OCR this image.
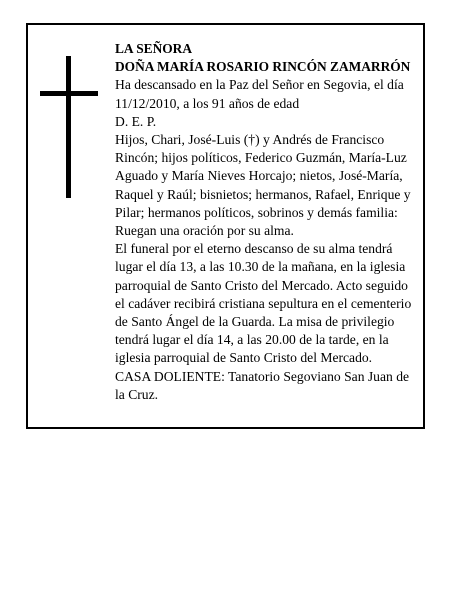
LA SEÑORA

DOÑA MARÍA ROSARIO RINCÓN ZAMARRÓN

Ha descansado en la Paz del Señor en Segovia, el día 11/12/2010, a los 91 años de edad

D. E. P.

Hijos, Chari, José-Luis (†) y Andrés de Francisco Rincón; hijos políticos, Federico Guzmán, María-Luz Aguado y María Nieves Horcajo; nietos, José-María, Raquel y Raúl; bisnietos; hermanos, Rafael, Enrique y Pilar; hermanos políticos, sobrinos y demás familia:

Ruegan una oración por su alma.

El funeral por el eterno descanso de su alma tendrá lugar el día 13, a las 10.30 de la mañana, en la iglesia parroquial de Santo Cristo del Mercado. Acto seguido el cadáver recibirá cristiana sepultura en el cementerio de Santo Ángel de la Guarda. La misa de privilegio tendrá lugar el día 14, a las 20.00 de la tarde, en la iglesia parroquial de Santo Cristo del Mercado.

CASA DOLIENTE: Tanatorio Segoviano San Juan de la Cruz.
